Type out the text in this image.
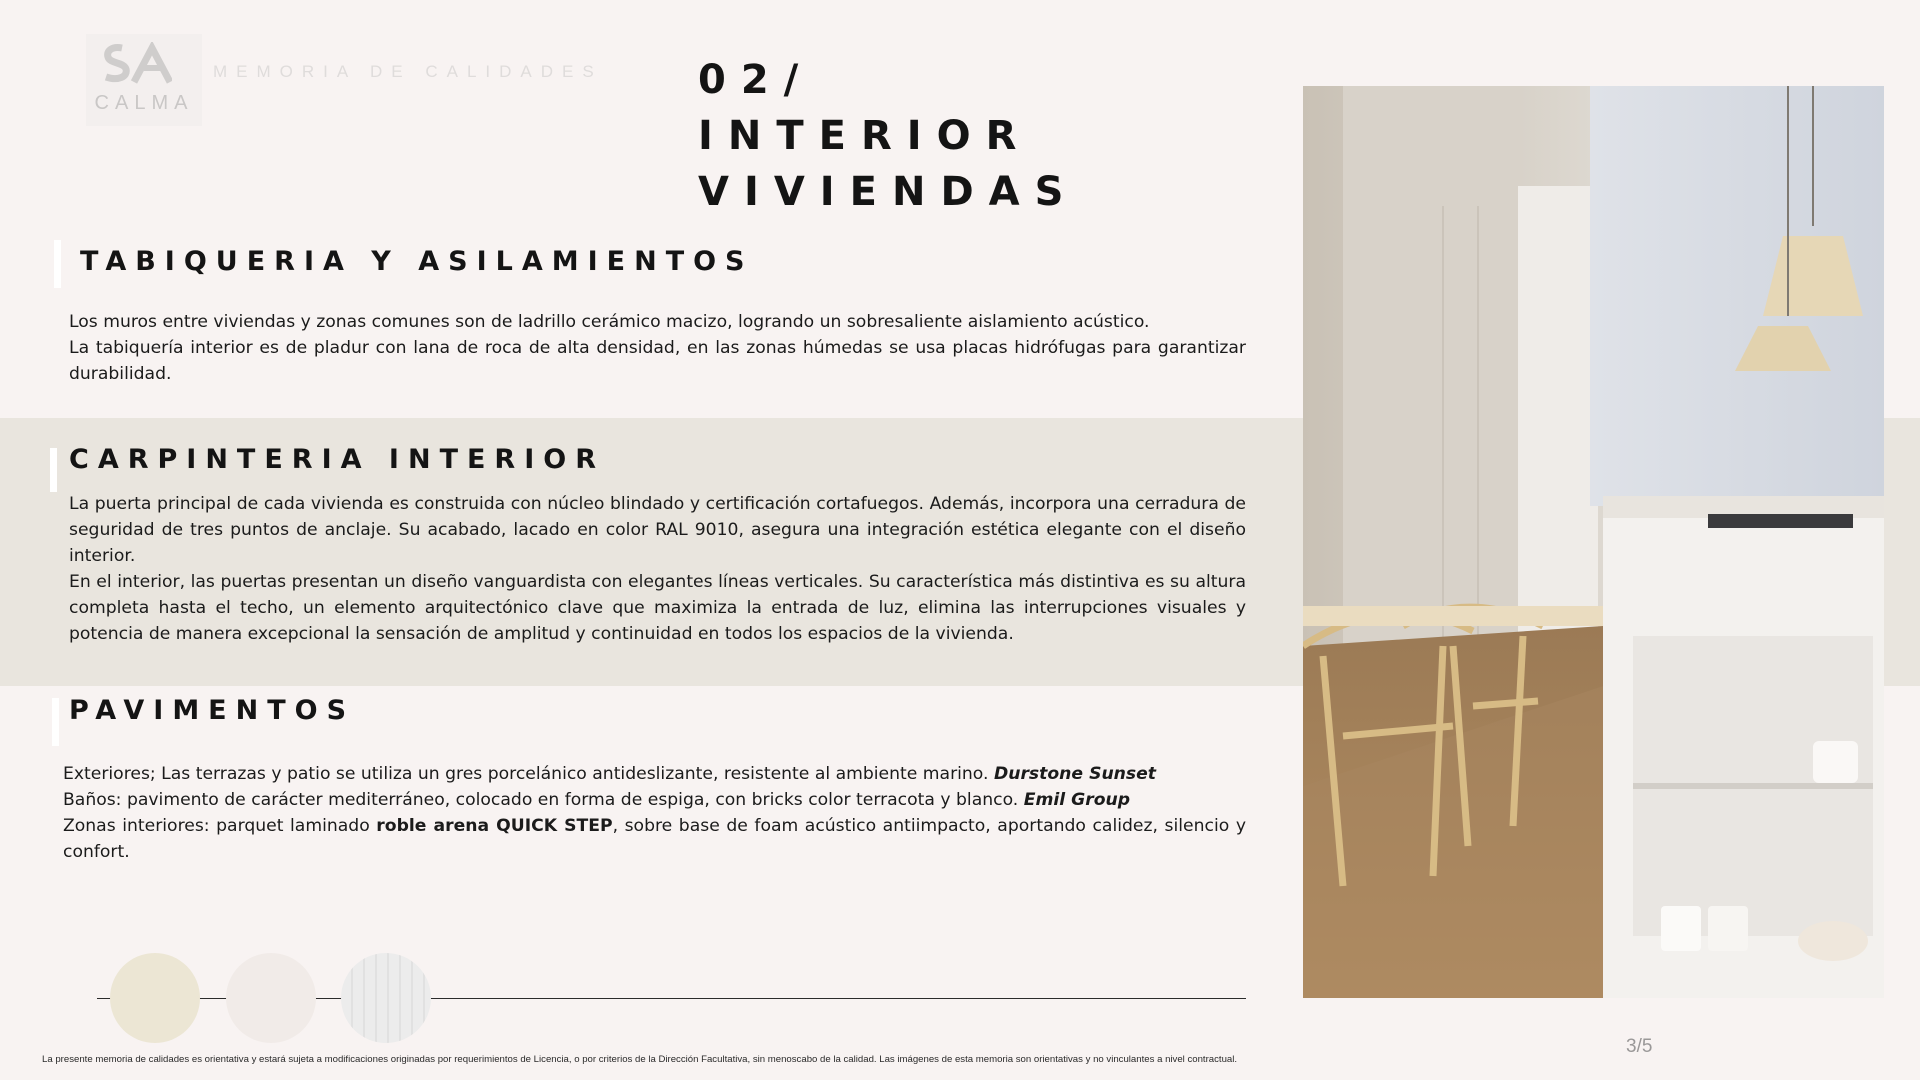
CALMA
MEMORIA DE CALIDADES 02/
INTERIOR
VIVIENDAS
TABIQUERIA Y ASILAMIENTOS

Los muros entre viviendas y zonas comunes son de ladrillo cerámico macizo, logrando un sobresaliente aislamiento acústico.

La tabiquería interior es de pladur con lana de roca de alta densidad, en las zonas húmedas se usa placas hidrófugas para garantizar durabilidad.

CARPINTERIA INTERIOR

La puerta principal de cada vivienda es construida con núcleo blindado y certificación cortafuegos. Además, incorpora una cerradura de seguridad de tres puntos de anclaje. Su acabado, lacado en color RAL 9010, asegura una integración estética elegante con el diseño interior.

En el interior, las puertas presentan un diseño vanguardista con elegantes líneas verticales. Su característica más distintiva es su altura completa hasta el techo, un elemento arquitectónico clave que maximiza la entrada de luz, elimina las interrupciones visuales y potencia de manera excepcional la sensación de amplitud y continuidad en todos los espacios de la vivienda.

PAVIMENTOS

Exteriores; Las terrazas y patio se utiliza un gres porcelánico antideslizante, resistente al ambiente marino. Durstone Sunset

Baños: pavimento de carácter mediterráneo, colocado en forma de espiga, con bricks color terracota y blanco. Emil Group

Zonas interiores: parquet laminado roble arena QUICK STEP, sobre base de foam acústico antiimpacto, aportando calidez, silencio y confort.

La presente memoria de calidades es orientativa y estará sujeta a modificaciones originadas por requerimientos de Licencia, o por criterios de la Dirección Facultativa, sin menoscabo de la calidad. Las imágenes de esta memoria son orientativas y no vinculantes a nivel contractual.
3/5
